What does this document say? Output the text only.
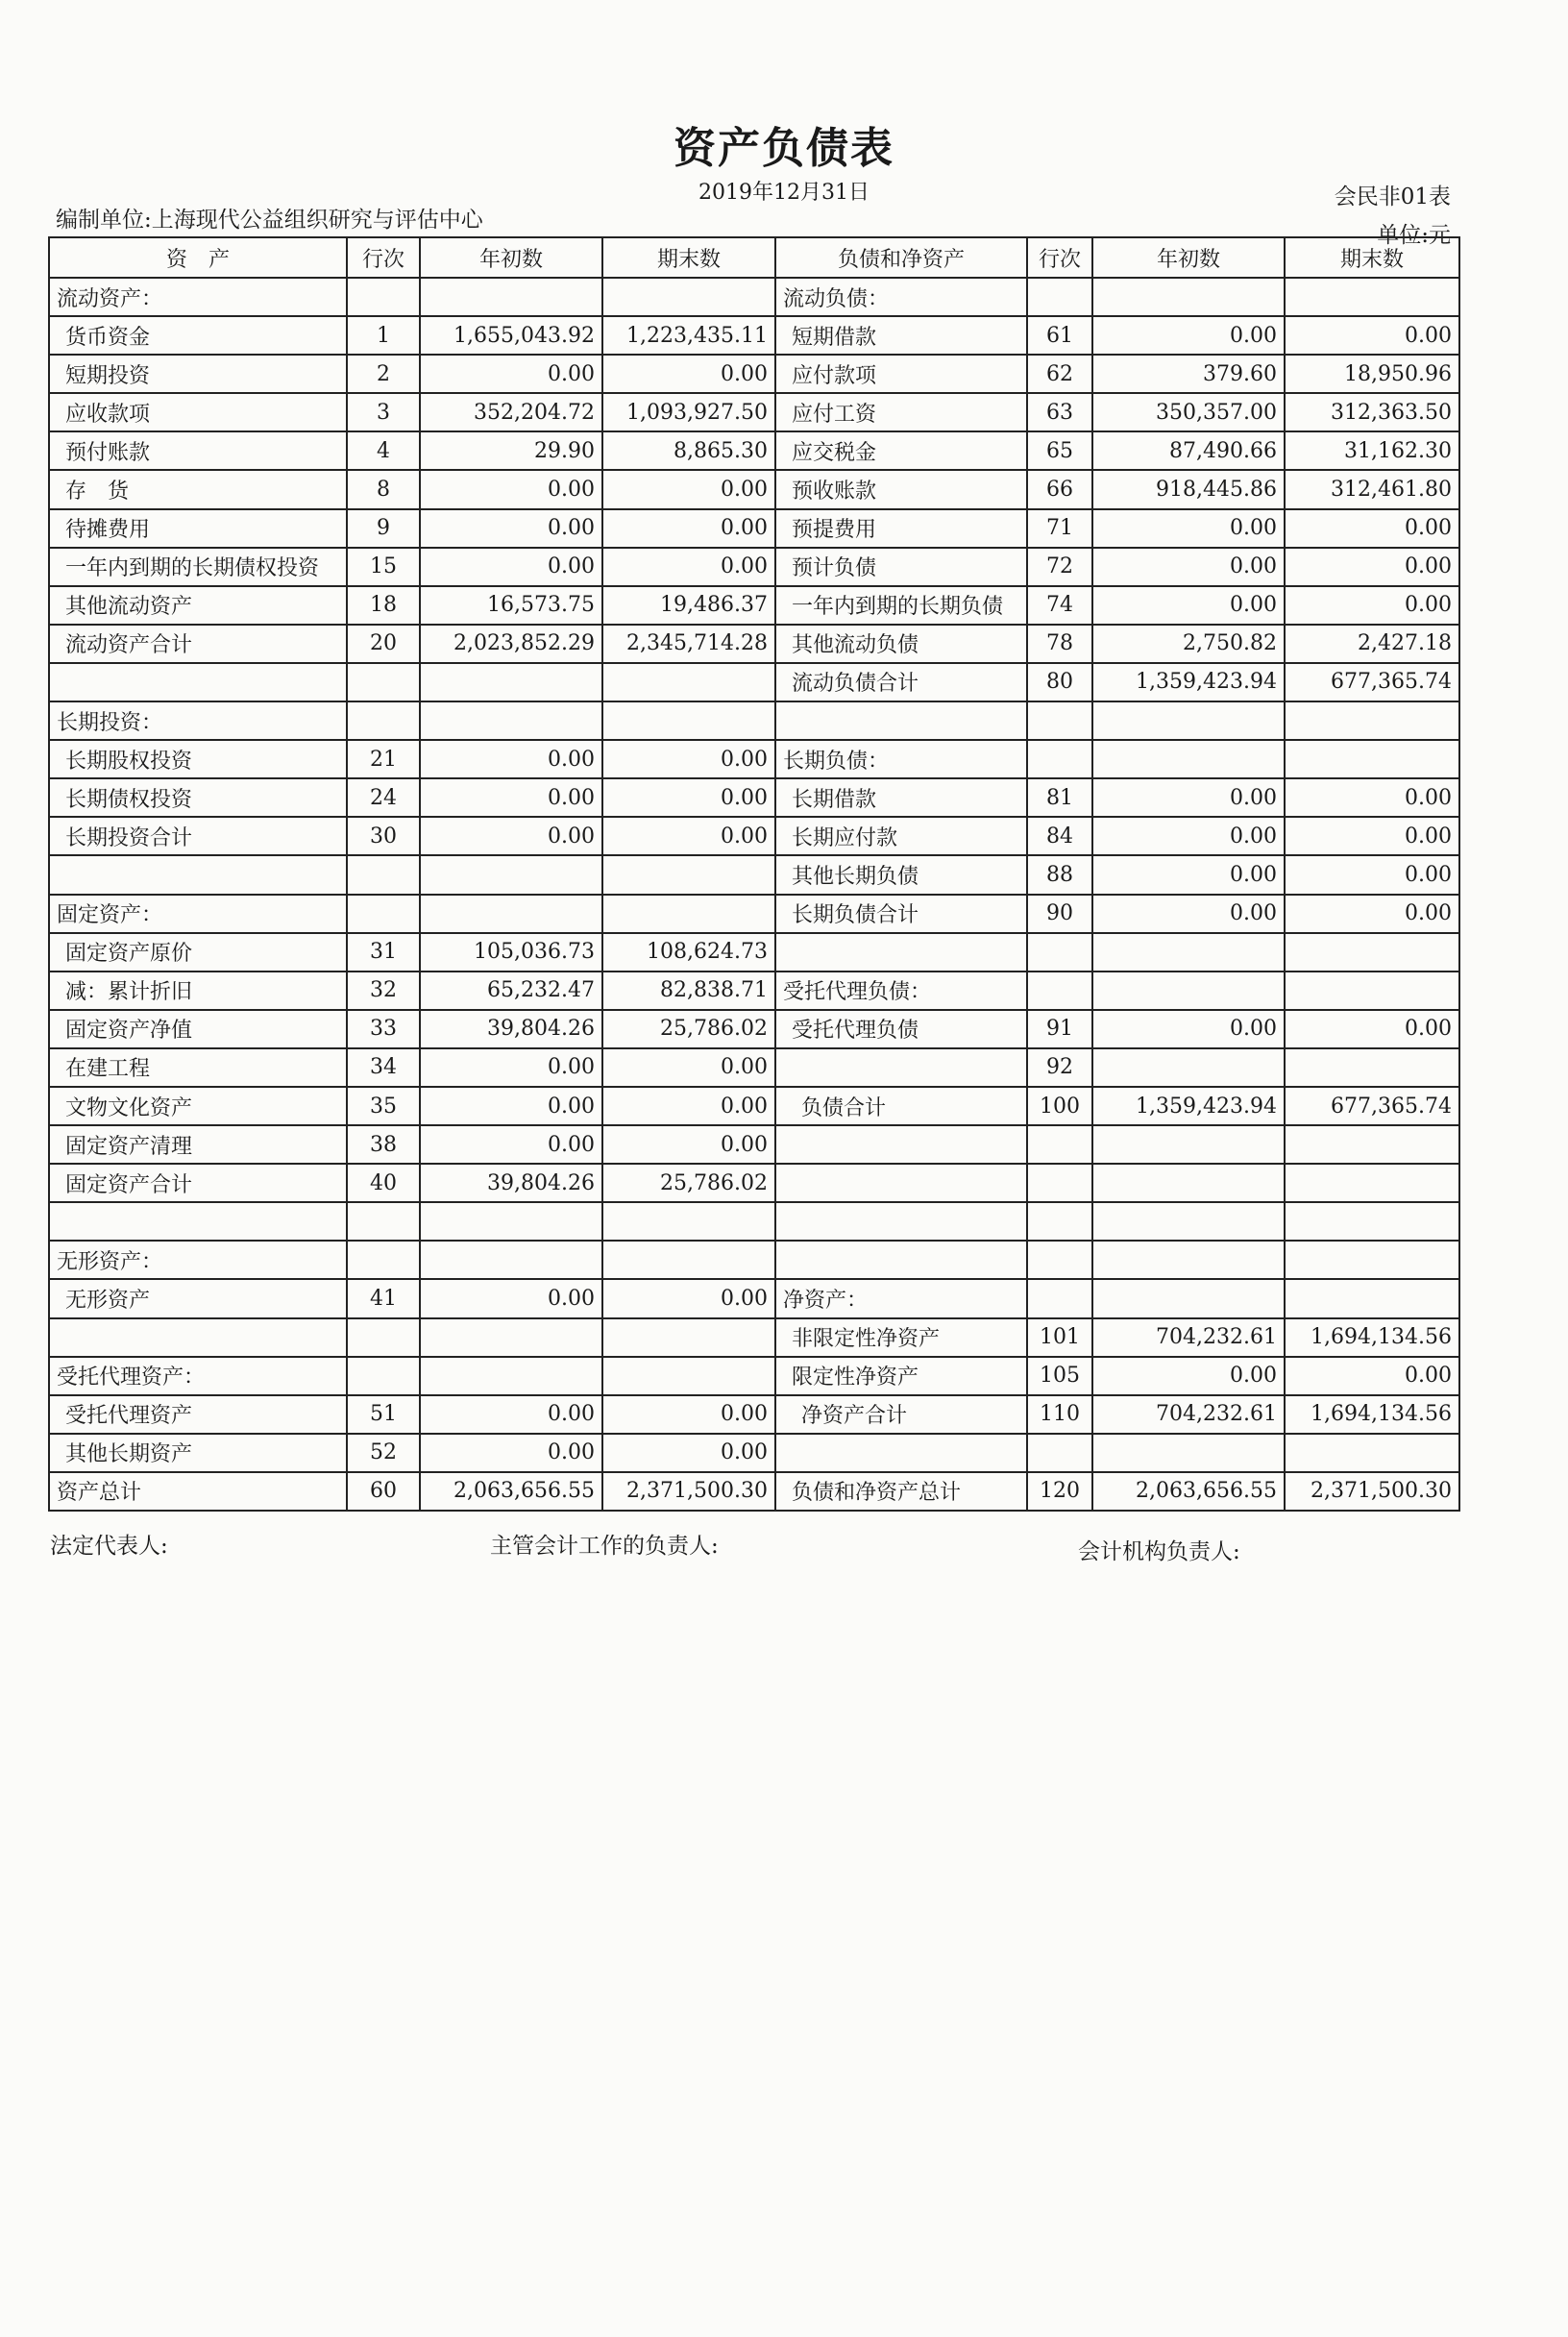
资产负债表
2019年12月31日	会民非01表
编制单位:上海现代公益组织研究与评估中心
单位:元
资　产	行次	年初数	期末数	负债和净资产	行次	年初数	期末数
流动资产：				流动负债：			
货币资金	1	1,655,043.92	1,223,435.11	短期借款	61	0.00	0.00
短期投资	2	0.00	0.00	应付款项	62	379.60	18,950.96
应收款项	3	352,204.72	1,093,927.50	应付工资	63	350,357.00	312,363.50
预付账款	4	29.90	8,865.30	应交税金	65	87,490.66	31,162.30
存　货	8	0.00	0.00	预收账款	66	918,445.86	312,461.80
待摊费用	9	0.00	0.00	预提费用	71	0.00	0.00
一年内到期的长期债权投资	15	0.00	0.00	预计负债	72	0.00	0.00
其他流动资产	18	16,573.75	19,486.37	一年内到期的长期负债	74	0.00	0.00
流动资产合计	20	2,023,852.29	2,345,714.28	其他流动负债	78	2,750.82	2,427.18
				流动负债合计	80	1,359,423.94	677,365.74
长期投资：							
长期股权投资	21	0.00	0.00	长期负债：			
长期债权投资	24	0.00	0.00	长期借款	81	0.00	0.00
长期投资合计	30	0.00	0.00	长期应付款	84	0.00	0.00
				其他长期负债	88	0.00	0.00
固定资产：				长期负债合计	90	0.00	0.00
固定资产原价	31	105,036.73	108,624.73				
减：累计折旧	32	65,232.47	82,838.71	受托代理负债：			
固定资产净值	33	39,804.26	25,786.02	受托代理负债	91	0.00	0.00
在建工程	34	0.00	0.00		92		
文物文化资产	35	0.00	0.00	负债合计	100	1,359,423.94	677,365.74
固定资产清理	38	0.00	0.00				
固定资产合计	40	39,804.26	25,786.02				

无形资产：							
无形资产	41	0.00	0.00	净资产：			
				非限定性净资产	101	704,232.61	1,694,134.56
受托代理资产：				限定性净资产	105	0.00	0.00
受托代理资产	51	0.00	0.00	净资产合计	110	704,232.61	1,694,134.56
其他长期资产	52	0.00	0.00				
资产总计	60	2,063,656.55	2,371,500.30	负债和净资产总计	120	2,063,656.55	2,371,500.30
法定代表人:	主管会计工作的负责人:	会计机构负责人:
